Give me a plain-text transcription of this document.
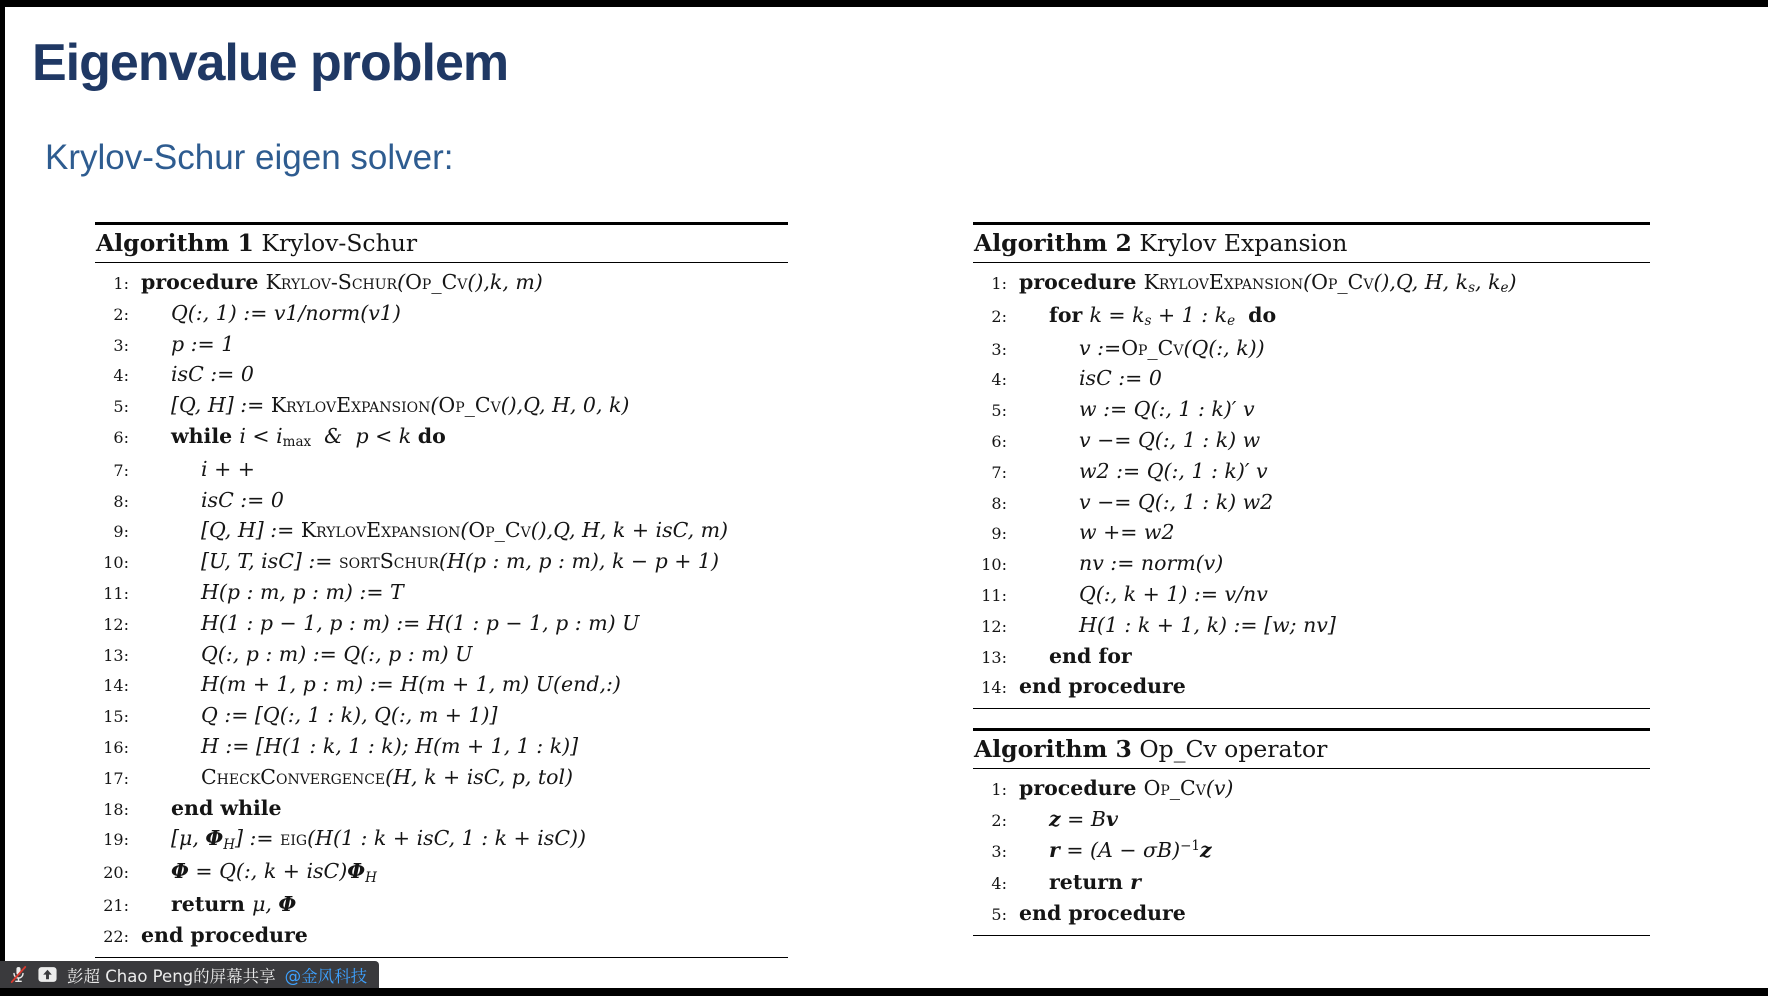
Eigenvalue problem
Krylov-Schur eigen solver:
Algorithm 1 Krylov-Schur
1: procedure Krylov-Schur(Op_Cv(),k, m)
2:	Q(:, 1) := v1/norm(v1)
3:	p := 1
4:	isC := 0
5:	[Q, H] := KrylovExpansion(Op_Cv(),Q, H, 0, k)
6:	while i < imax  &  p < k do
7:	i + +
8:	isC := 0
9:	[Q, H] := KrylovExpansion(Op_Cv(),Q, H, k + isC, m)
10:	[U, T, isC] := sortSchur(H(p : m, p : m), k − p + 1)
11:	H(p : m, p : m) := T
12:	H(1 : p − 1, p : m) := H(1 : p − 1, p : m) U
13:	Q(:, p : m) := Q(:, p : m) U
14:	H(m + 1, p : m) := H(m + 1, m) U(end,:)
15:	Q := [Q(:, 1 : k), Q(:, m + 1)]
16:	H := [H(1 : k, 1 : k); H(m + 1, 1 : k)]
17:	CheckConvergence(H, k + isC, p, tol)
18:	end while
19:	[μ, ΦH] := eig(H(1 : k + isC, 1 : k + isC))
20:	Φ = Q(:, k + isC)ΦH
21:	return μ, Φ
22: end procedure
Algorithm 2 Krylov Expansion
1: procedure KrylovExpansion(Op_Cv(),Q, H, ks, ke)
2:	for k = ks + 1 : ke do
3:	v :=Op_Cv(Q(:, k))
4:	isC := 0
5:	w := Q(:, 1 : k)′ v
6:	v −= Q(:, 1 : k) w
7:	w2 := Q(:, 1 : k)′ v
8:	v −= Q(:, 1 : k) w2
9:	w += w2
10:	nv := norm(v)
11:	Q(:, k + 1) := v/nv
12:	H(1 : k + 1, k) := [w; nv]
13:	end for
14: end procedure
Algorithm 3 Op_Cv operator
1: procedure Op_Cv(v)
2:	z = Bv
3:	$r = (A - \sigma B)^{-1}z$
4:	return r
5: end procedure
彭超 Chao Peng的屏幕共享 @金风科技
